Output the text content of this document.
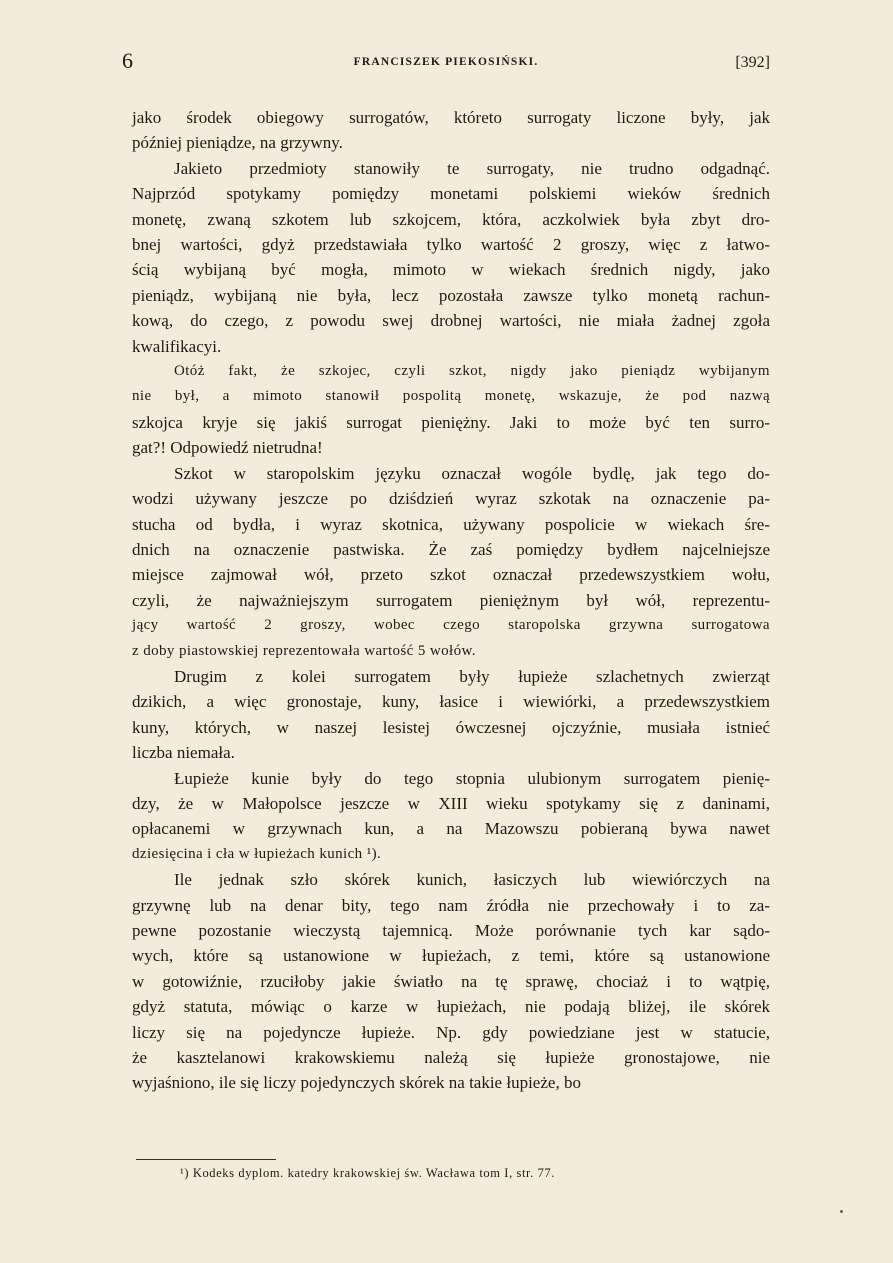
6	FRANCISZEK PIEKOSIŃSKI.	[392]
jako środek obiegowy surrogatów, któreto surrogaty liczone były, jak
później pieniądze, na grzywny.
Jakieto przedmioty stanowiły te surrogaty, nie trudno odgadnąć.
Najprzód spotykamy pomiędzy monetami polskiemi wieków średnich
monetę, zwaną szkotem lub szkojcem, która, aczkolwiek była zbyt dro-
bnej wartości, gdyż przedstawiała tylko wartość 2 groszy, więc z łatwo-
ścią wybijaną być mogła, mimoto w wiekach średnich nigdy, jako
pieniądz, wybijaną nie była, lecz pozostała zawsze tylko monetą rachun-
kową, do czego, z powodu swej drobnej wartości, nie miała żadnej zgoła
kwalifikacyi.
Otóż fakt, że szkojec, czyli szkot, nigdy jako pieniądz wybijanym
nie był, a mimoto stanowił pospolitą monetę, wskazuje, że pod nazwą
szkojca kryje się jakiś surrogat pieniężny. Jaki to może być ten surro-
gat?! Odpowiedź nietrudna!
Szkot w staropolskim języku oznaczał wogóle bydlę, jak tego do-
wodzi używany jeszcze po dziśdzień wyraz szkotak na oznaczenie pa-
stucha od bydła, i wyraz skotnica, używany pospolicie w wiekach śre-
dnich na oznaczenie pastwiska. Że zaś pomiędzy bydłem najcelniejsze
miejsce zajmował wół, przeto szkot oznaczał przedewszystkiem wołu,
czyli, że najważniejszym surrogatem pieniężnym był wół, reprezentu-
jący wartość 2 groszy, wobec czego staropolska grzywna surrogatowa
z doby piastowskiej reprezentowała wartość 5 wołów.
Drugim z kolei surrogatem były łupieże szlachetnych zwierząt
dzikich, a więc gronostaje, kuny, łasice i wiewiórki, a przedewszystkiem
kuny, których, w naszej lesistej ówczesnej ojczyźnie, musiała istnieć
liczba niemała.
Łupieże kunie były do tego stopnia ulubionym surrogatem pienię-
dzy, że w Małopolsce jeszcze w XIII wieku spotykamy się z daninami,
opłacanemi w grzywnach kun, a na Mazowszu pobieraną bywa nawet
dziesięcina i cła w łupieżach kunich ¹).
Ile jednak szło skórek kunich, łasiczych lub wiewiórczych na
grzywnę lub na denar bity, tego nam źródła nie przechowały i to za-
pewne pozostanie wieczystą tajemnicą. Może porównanie tych kar sądo-
wych, które są ustanowione w łupieżach, z temi, które są ustanowione
w gotowiźnie, rzuciłoby jakie światło na tę sprawę, chociaż i to wątpię,
gdyż statuta, mówiąc o karze w łupieżach, nie podają bliżej, ile skórek
liczy się na pojedyncze łupieże. Np. gdy powiedziane jest w statucie,
że kasztelanowi krakowskiemu należą się łupieże gronostajowe, nie
wyjaśniono, ile się liczy pojedynczych skórek na takie łupieże, bo
¹) Kodeks dyplom. katedry krakowskiej św. Wacława tom I, str. 77.
